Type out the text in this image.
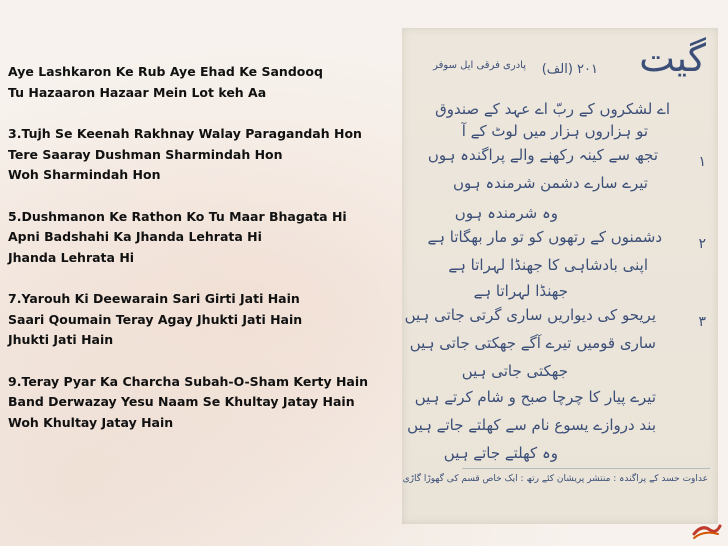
Aye Lashkaron Ke Rub Aye Ehad Ke Sandooq
Tu Hazaaron Hazaar Mein Lot keh Aa
3.Tujh Se Keenah Rakhnay Walay Paragandah Hon
Tere Saaray Dushman Sharmindah Hon
Woh Sharmindah Hon
5.Dushmanon Ke Rathon Ko Tu Maar Bhagata Hi
Apni Badshahi Ka Jhanda Lehrata Hi
Jhanda Lehrata Hi
7.Yarouh Ki Deewarain Sari Girti Jati Hain
Saari Qoumain Teray Agay Jhukti Jati Hain
Jhukti Jati Hain
9.Teray Pyar Ka Charcha Subah-O-Sham Kerty Hain
Band Derwazay Yesu Naam Se Khultay Jatay Hain
Woh Khultay Jatay Hain
گیت
۲۰۱ (الف)
پادری فرقی ایل سوفر
اے لشکروں کے ربّ اے عہد کے صندوق
تو ہزاروں ہزار میں لوٹ کے آ
تجھ سے کینہ رکھنے والے پراگندہ ہوں
تیرے سارے دشمن شرمندہ ہوں
وہ شرمندہ ہوں
دشمنوں کے رتھوں کو تو مار بھگاتا ہے
اپنی بادشاہی کا جھنڈا لہراتا ہے
جھنڈا لہراتا ہے
یریحو کی دیواریں ساری گرتی جاتی ہیں
ساری قومیں تیرے آگے جھکتی جاتی ہیں
جھکتی جاتی ہیں
تیرے پیار کا چرچا صبح و شام کرتے ہیں
بند دروازے یسوع نام سے کھلتے جاتے ہیں
وہ کھلتے جاتے ہیں
۱
۲
۳
عداوت حسد کے پراگندہ : منتشر پریشان کئے رتھ : ایک خاص قسم کی گھوڑا گاڑی
